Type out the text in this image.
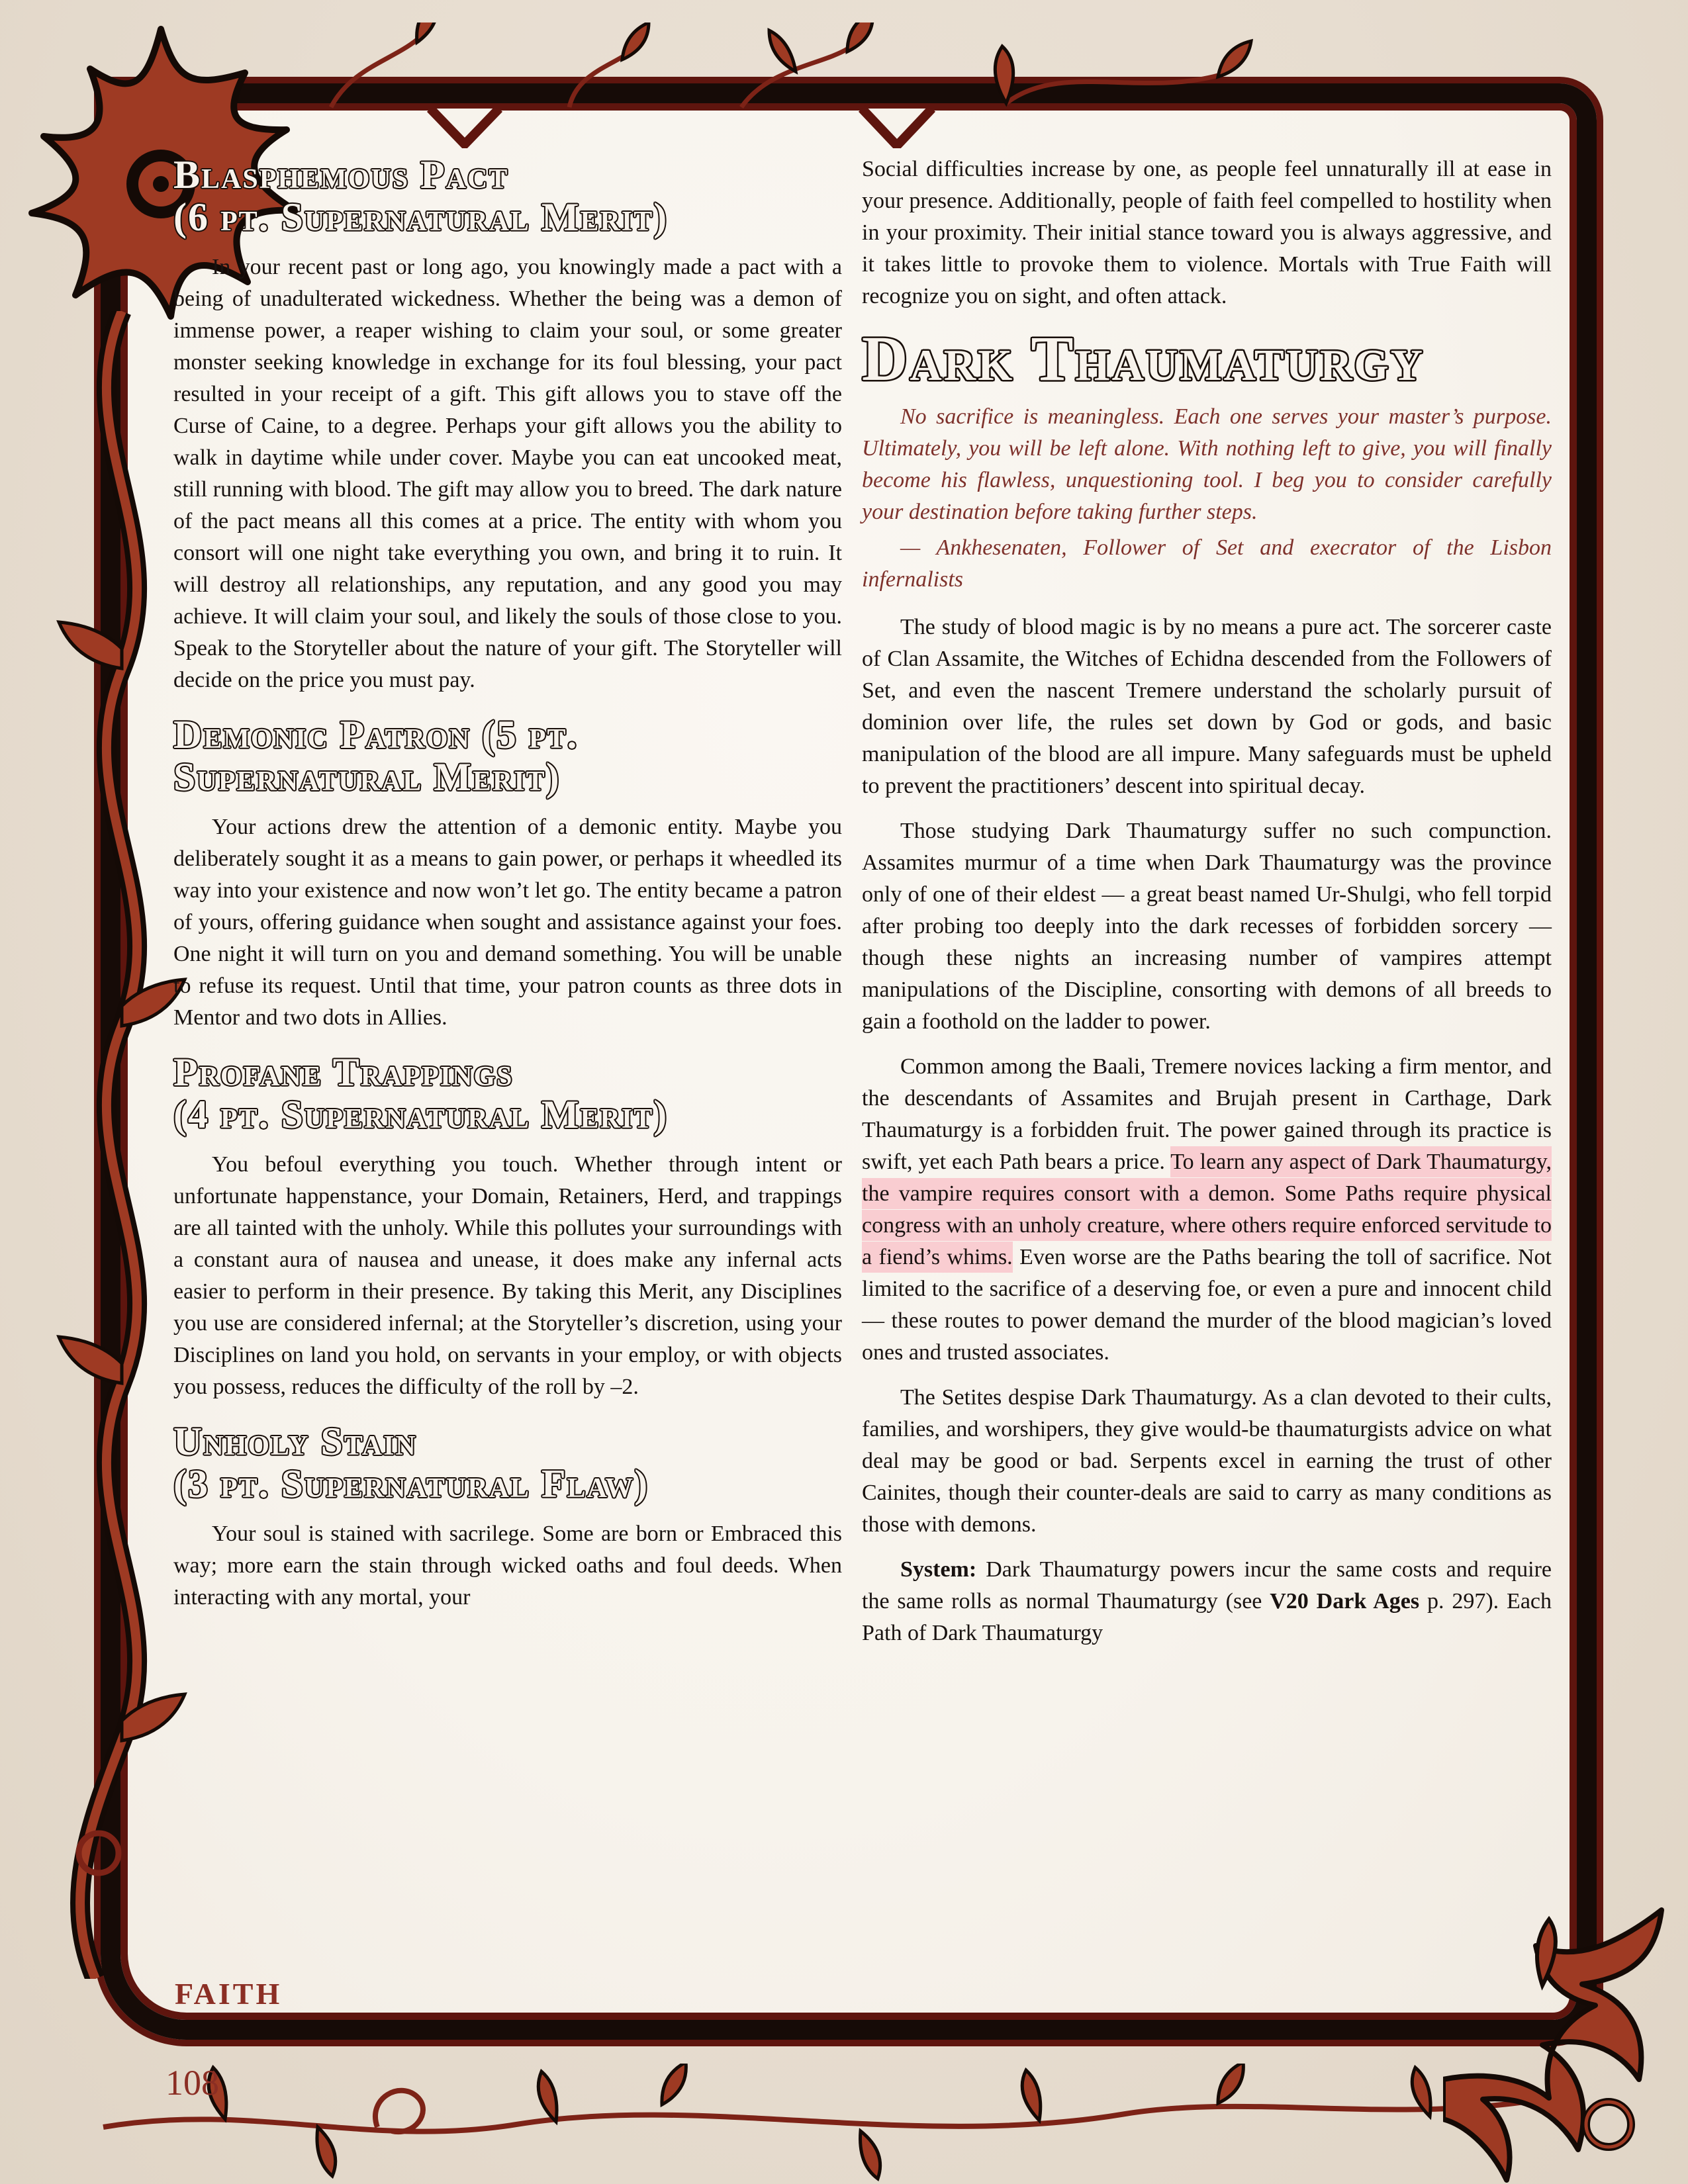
Blasphemous Pact
(6 pt. Supernatural Merit)

In your recent past or long ago, you knowingly made a pact with a being of unadulterated wickedness. Whether the being was a demon of immense power, a reaper wishing to claim your soul, or some greater monster seeking knowledge in exchange for its foul blessing, your pact resulted in your receipt of a gift. This gift allows you to stave off the Curse of Caine, to a degree. Perhaps your gift allows you the ability to walk in daytime while under cover. Maybe you can eat uncooked meat, still running with blood. The gift may allow you to breed. The dark nature of the pact means all this comes at a price. The entity with whom you consort will one night take everything you own, and bring it to ruin. It will destroy all relationships, any reputation, and any good you may achieve. It will claim your soul, and likely the souls of those close to you. Speak to the Storyteller about the nature of your gift. The Storyteller will decide on the price you must pay.

Demonic Patron (5 pt.
Supernatural Merit)

Your actions drew the attention of a demonic entity. Maybe you deliberately sought it as a means to gain power, or perhaps it wheedled its way into your existence and now won’t let go. The entity became a patron of yours, offering guidance when sought and assistance against your foes. One night it will turn on you and demand something. You will be unable to refuse its request. Until that time, your patron counts as three dots in Mentor and two dots in Allies.

Profane Trappings
(4 pt. Supernatural Merit)

You befoul everything you touch. Whether through intent or unfortunate happenstance, your Domain, Retainers, Herd, and trappings are all tainted with the unholy. While this pollutes your surroundings with a constant aura of nausea and unease, it does make any infernal acts easier to perform in their presence. By taking this Merit, any Disciplines you use are considered infernal; at the Storyteller’s discretion, using your Disciplines on land you hold, on servants in your employ, or with objects you possess, reduces the difficulty of the roll by –2.

Unholy Stain
(3 pt. Supernatural Flaw)

Your soul is stained with sacrilege. Some are born or Embraced this way; more earn the stain through wicked oaths and foul deeds. When interacting with any mortal, your

Social difficulties increase by one, as people feel unnaturally ill at ease in your presence. Additionally, people of faith feel compelled to hostility when in your proximity. Their initial stance toward you is always aggressive, and it takes little to provoke them to violence. Mortals with True Faith will recognize you on sight, and often attack.

Dark Thaumaturgy

No sacrifice is meaningless. Each one serves your master’s purpose. Ultimately, you will be left alone. With nothing left to give, you will finally become his flawless, unquestioning tool. I beg you to consider carefully your destination before taking further steps.

— Ankhesenaten, Follower of Set and execrator of the Lisbon infernalists

The study of blood magic is by no means a pure act. The sorcerer caste of Clan Assamite, the Witches of Echidna descended from the Followers of Set, and even the nascent Tremere understand the scholarly pursuit of dominion over life, the rules set down by God or gods, and basic manipulation of the blood are all impure. Many safeguards must be upheld to prevent the practitioners’ descent into spiritual decay.

Those studying Dark Thaumaturgy suffer no such compunction. Assamites murmur of a time when Dark Thaumaturgy was the province only of one of their eldest — a great beast named Ur-Shulgi, who fell torpid after probing too deeply into the dark recesses of forbidden sorcery — though these nights an increasing number of vampires attempt manipulations of the Discipline, consorting with demons of all breeds to gain a foothold on the ladder to power.

Common among the Baali, Tremere novices lacking a firm mentor, and the descendants of Assamites and Brujah present in Carthage, Dark Thaumaturgy is a forbidden fruit. The power gained through its practice is swift, yet each Path bears a price. To learn any aspect of Dark Thaumaturgy, the vampire requires consort with a demon. Some Paths require physical congress with an unholy creature, where others require enforced servitude to a fiend’s whims. Even worse are the Paths bearing the toll of sacrifice. Not limited to the sacrifice of a deserving foe, or even a pure and innocent child — these routes to power demand the murder of the blood magician’s loved ones and trusted associates.

The Setites despise Dark Thaumaturgy. As a clan devoted to their cults, families, and worshipers, they give would-be thaumaturgists advice on what deal may be good or bad. Serpents excel in earning the trust of other Cainites, though their counter-deals are said to carry as many conditions as those with demons.

System: Dark Thaumaturgy powers incur the same costs and require the same rolls as normal Thaumaturgy (see V20 Dark Ages p. 297). Each Path of Dark Thaumaturgy

FAITH
108
